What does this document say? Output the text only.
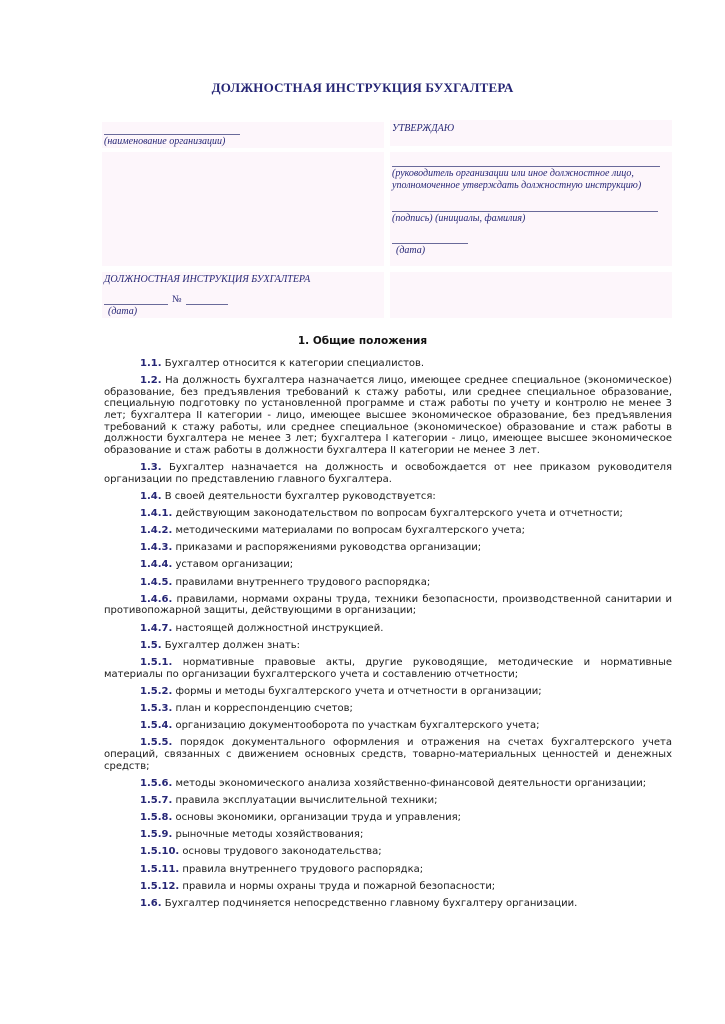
ДОЛЖНОСТНАЯ ИНСТРУКЦИЯ БУХГАЛТЕРА
(наименование организации)
ДОЛЖНОСТНАЯ ИНСТРУКЦИЯ БУХГАЛТЕРА
№
(дата)
УТВЕРЖДАЮ
(руководитель организации или иное должностное лицо,
уполномоченное утверждать должностную инструкцию)
(подпись) (инициалы, фамилия)
(дата)
1. Общие положения

1.1. Бухгалтер относится к категории специалистов.

1.2. На должность бухгалтера назначается лицо, имеющее среднее специальное (экономическое) образование, без предъявления требований к стажу работы, или среднее специальное образование, специальную подготовку по установленной программе и стаж работы по учету и контролю не менее 3 лет; бухгалтера II категории - лицо, имеющее высшее экономическое образование, без предъявления требований к стажу работы, или среднее специальное (экономическое) образование и стаж работы в должности бухгалтера не менее 3 лет; бухгалтера I категории - лицо, имеющее высшее экономическое образование и стаж работы в должности бухгалтера II категории не менее 3 лет.

1.3. Бухгалтер назначается на должность и освобождается от нее приказом руководителя организации по представлению главного бухгалтера.

1.4. В своей деятельности бухгалтер руководствуется:

1.4.1. действующим законодательством по вопросам бухгалтерского учета и отчетности;

1.4.2. методическими материалами по вопросам бухгалтерского учета;

1.4.3. приказами и распоряжениями руководства организации;

1.4.4. уставом организации;

1.4.5. правилами внутреннего трудового распорядка;

1.4.6. правилами, нормами охраны труда, техники безопасности, производственной санитарии и противопожарной защиты, действующими в организации;

1.4.7. настоящей должностной инструкцией.

1.5. Бухгалтер должен знать:

1.5.1. нормативные правовые акты, другие руководящие, методические и нормативные материалы по организации бухгалтерского учета и составлению отчетности;

1.5.2. формы и методы бухгалтерского учета и отчетности в организации;

1.5.3. план и корреспонденцию счетов;

1.5.4. организацию документооборота по участкам бухгалтерского учета;

1.5.5. порядок документального оформления и отражения на счетах бухгалтерского учета операций, связанных с движением основных средств, товарно-материальных ценностей и денежных средств;

1.5.6. методы экономического анализа хозяйственно-финансовой деятельности организации;

1.5.7. правила эксплуатации вычислительной техники;

1.5.8. основы экономики, организации труда и управления;

1.5.9. рыночные методы хозяйствования;

1.5.10. основы трудового законодательства;

1.5.11. правила внутреннего трудового распорядка;

1.5.12. правила и нормы охраны труда и пожарной безопасности;

1.6. Бухгалтер подчиняется непосредственно главному бухгалтеру организации.
